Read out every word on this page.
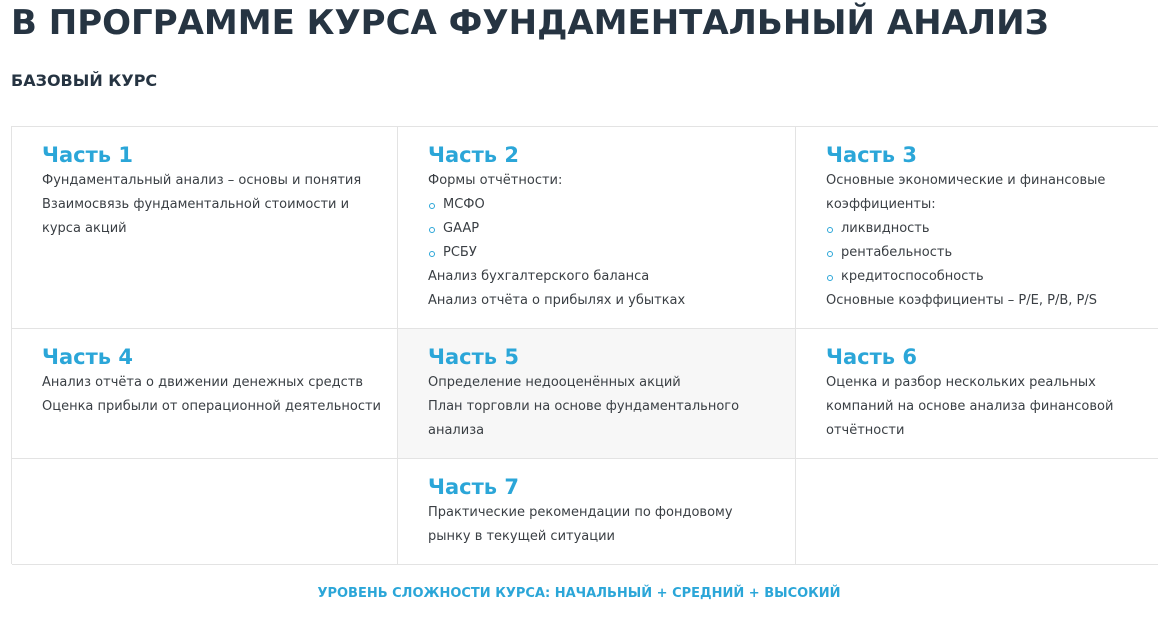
В ПРОГРАММЕ КУРСА ФУНДАМЕНТАЛЬНЫЙ АНАЛИЗ
БАЗОВЫЙ КУРС
Часть 1

Фундаментальный анализ – основы и понятия

Взаимосвязь фундаментальной стоимости и курса акций

Часть 2

Формы отчётности:

МСФО
GAAP
РСБУ

Анализ бухгалтерского баланса

Анализ отчёта о прибылях и убытках

Часть 3

Основные экономические и финансовые коэффициенты:

ликвидность
рентабельность
кредитоспособность

Основные коэффициенты – P/E, P/B, P/S

Часть 4

Анализ отчёта о движении денежных средств

Оценка прибыли от операционной деятельности

Часть 5

Определение недооценённых акций

План торговли на основе фундаментального анализа

Часть 6

Оценка и разбор нескольких реальных компаний на основе анализа финансовой отчётности

Часть 7

Практические рекомендации по фондовому рынку в текущей ситуации

УРОВЕНЬ СЛОЖНОСТИ КУРСА: НАЧАЛЬНЫЙ + СРЕДНИЙ + ВЫСОКИЙ
